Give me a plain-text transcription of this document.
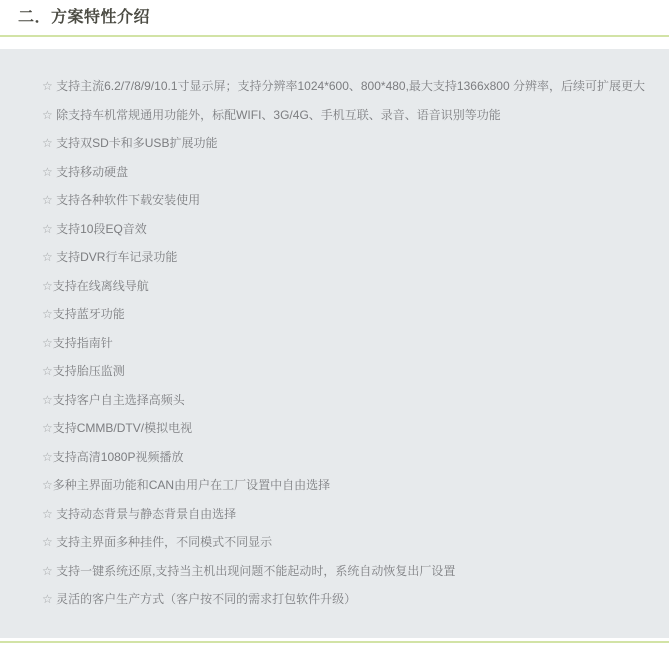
二．方案特性介绍
☆ 支持主流6.2/7/8/9/10.1寸显示屏；支持分辨率1024*600、800*480,最大支持1366x800 分辨率，后续可扩展更大
☆ 除支持车机常规通用功能外，标配WIFI、3G/4G、手机互联、录音、语音识别等功能
☆ 支持双SD卡和多USB扩展功能
☆ 支持移动硬盘
☆ 支持各种软件下载安装使用
☆ 支持10段EQ音效
☆ 支持DVR行车记录功能
☆支持在线离线导航
☆支持蓝牙功能
☆支持指南针
☆支持胎压监测
☆支持客户自主选择高频头
☆支持CMMB/DTV/模拟电视
☆支持高清1080P视频播放
☆多种主界面功能和CAN由用户在工厂设置中自由选择
☆ 支持动态背景与静态背景自由选择
☆ 支持主界面多种挂件，不同模式不同显示
☆ 支持一键系统还原,支持当主机出现问题不能起动时，系统自动恢复出厂设置
☆ 灵活的客户生产方式（客户按不同的需求打包软件升级）
